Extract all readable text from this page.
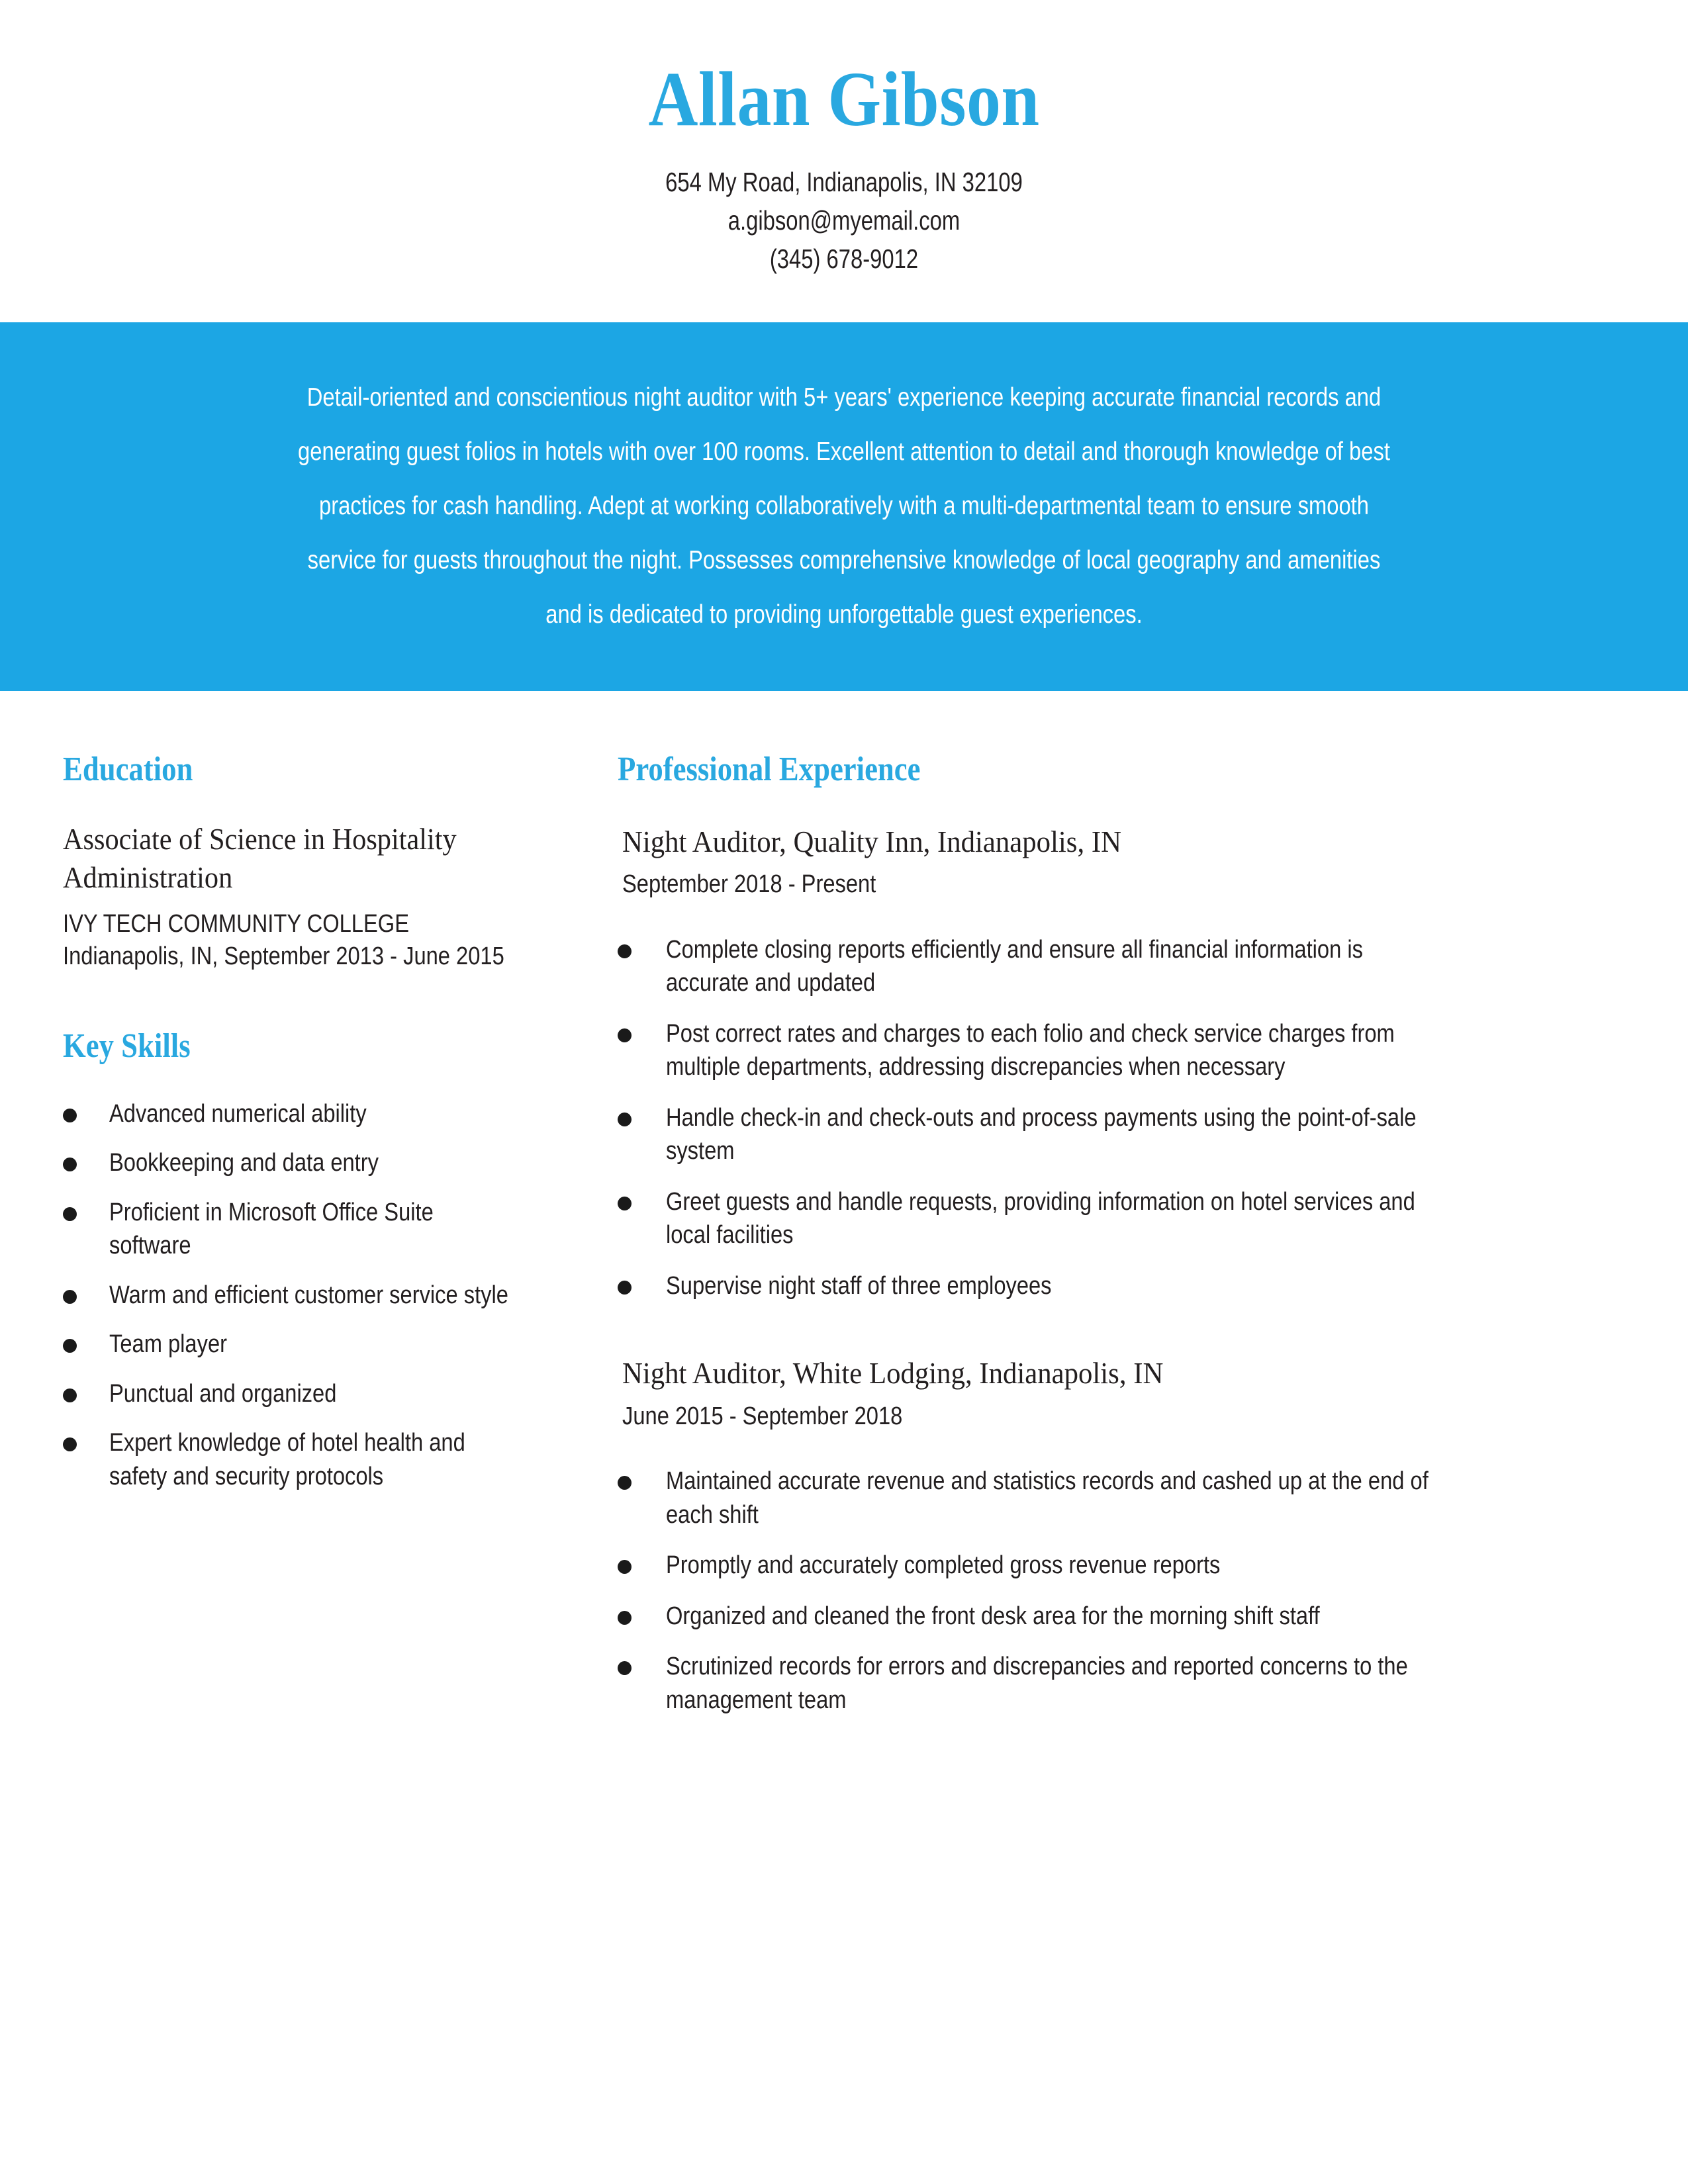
Allan Gibson
654 My Road, Indianapolis, IN 32109
a.gibson@myemail.com
(345) 678-9012
Detail-oriented and conscientious night auditor with 5+ years' experience keeping accurate financial records and generating guest folios in hotels with over 100 rooms. Excellent attention to detail and thorough knowledge of best practices for cash handling. Adept at working collaboratively with a multi-departmental team to ensure smooth service for guests throughout the night. Possesses comprehensive knowledge of local geography and amenities and is dedicated to providing unforgettable guest experiences.
Education
Associate of Science in Hospitality Administration
IVY TECH COMMUNITY COLLEGE
Indianapolis, IN, September 2013 - June 2015
Key Skills
Advanced numerical ability
Bookkeeping and data entry
Proficient in Microsoft Office Suite software
Warm and efficient customer service style
Team player
Punctual and organized
Expert knowledge of hotel health and safety and security protocols
Professional Experience
Night Auditor, Quality Inn, Indianapolis, IN
September 2018 - Present
Complete closing reports efficiently and ensure all financial information is accurate and updated
Post correct rates and charges to each folio and check service charges from multiple departments, addressing discrepancies when necessary
Handle check-in and check-outs and process payments using the point-of-sale system
Greet guests and handle requests, providing information on hotel services and local facilities
Supervise night staff of three employees
Night Auditor, White Lodging, Indianapolis, IN
June 2015 - September 2018
Maintained accurate revenue and statistics records and cashed up at the end of each shift
Promptly and accurately completed gross revenue reports
Organized and cleaned the front desk area for the morning shift staff
Scrutinized records for errors and discrepancies and reported concerns to the management team
